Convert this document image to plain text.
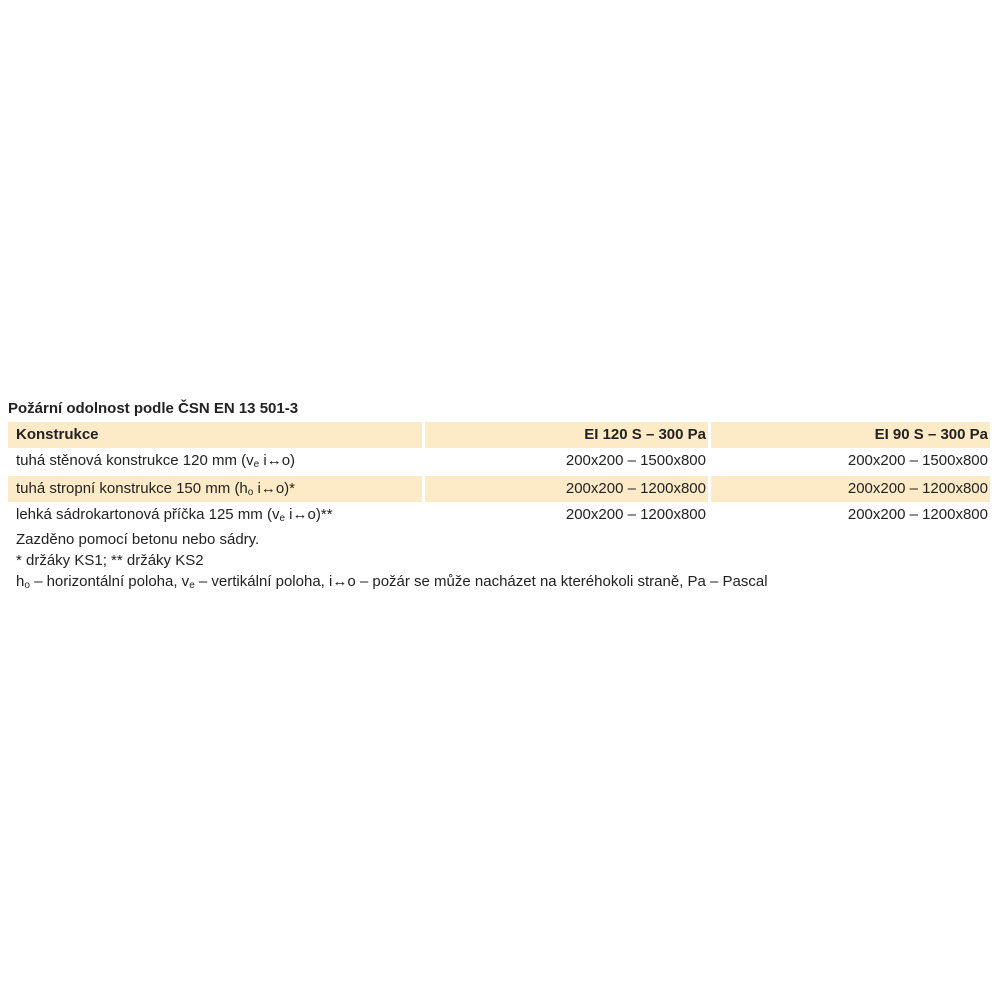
Požární odolnost podle ČSN EN 13 501-3
Konstrukce	EI 120 S – 300 Pa	EI 90 S – 300 Pa
tuhá stěnová konstrukce 120 mm ($v_e$ i↔o)	200x200 – 1500x800	200x200 – 1500x800

tuhá stropní konstrukce 150 mm ($h_o$ i↔o)*	200x200 – 1200x800	200x200 – 1200x800
lehká sádrokartonová příčka 125 mm ($v_e$ i↔o)**	200x200 – 1200x800	200x200 – 1200x800
Zazděno pomocí betonu nebo sádry.
* držáky KS1; ** držáky KS2
$h_o$ – horizontální poloha, $v_e$ – vertikální poloha, i↔o – požár se může nacházet na kteréhokoli straně, Pa – Pascal
